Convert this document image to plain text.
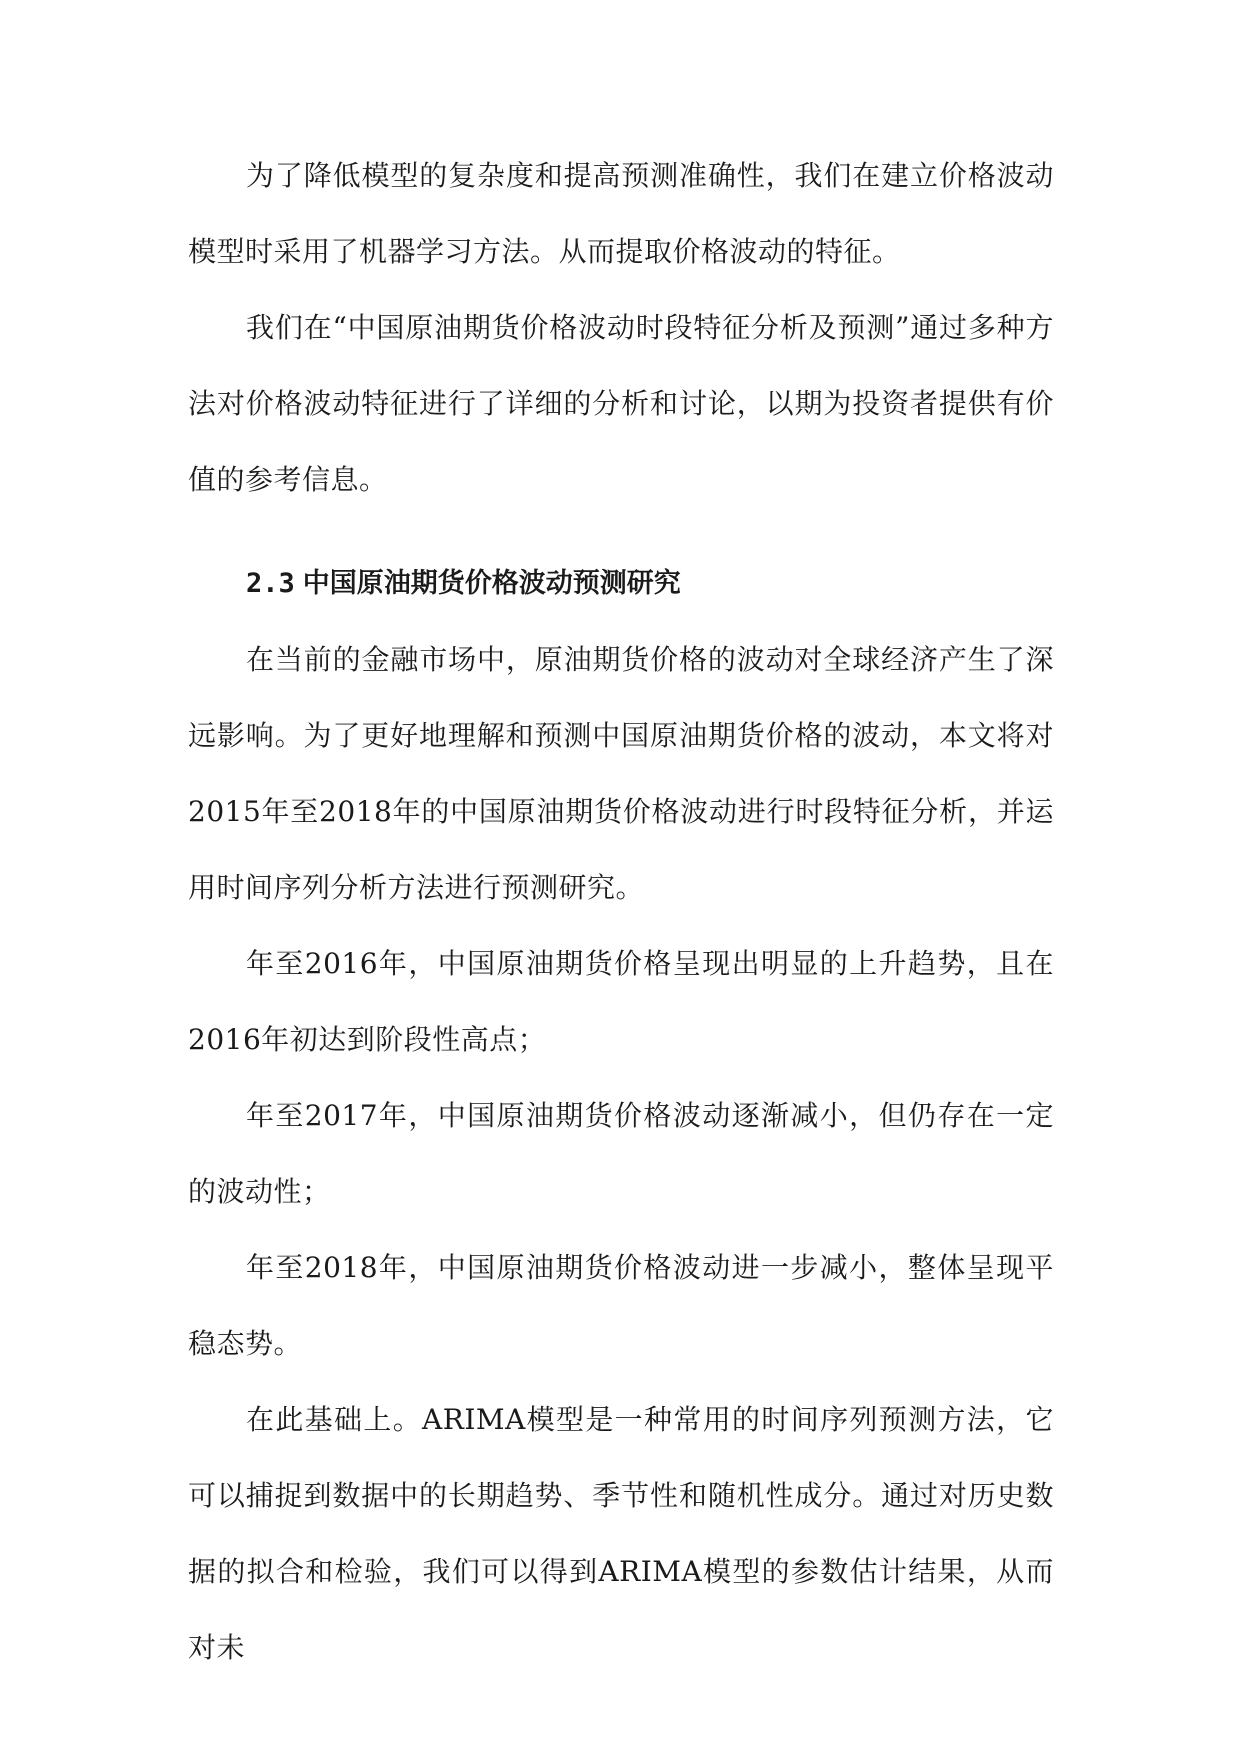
为了降低模型的复杂度和提高预测准确性，我们在建立价格波动模型时采用了机器学习方法。从而提取价格波动的特征。

我们在“中国原油期货价格波动时段特征分析及预测”通过多种方法对价格波动特征进行了详细的分析和讨论，以期为投资者提供有价值的参考信息。

2.3 中国原油期货价格波动预测研究

在当前的金融市场中，原油期货价格的波动对全球经济产生了深远影响。为了更好地理解和预测中国原油期货价格的波动，本文将对2015年至2018年的中国原油期货价格波动进行时段特征分析，并运用时间序列分析方法进行预测研究。

年至2016年，中国原油期货价格呈现出明显的上升趋势，且在2016年初达到阶段性高点；

年至2017年，中国原油期货价格波动逐渐减小，但仍存在一定的波动性；

年至2018年，中国原油期货价格波动进一步减小，整体呈现平稳态势。

在此基础上。ARIMA模型是一种常用的时间序列预测方法，它可以捕捉到数据中的长期趋势、季节性和随机性成分。通过对历史数据的拟合和检验，我们可以得到ARIMA模型的参数估计结果，从而对未
